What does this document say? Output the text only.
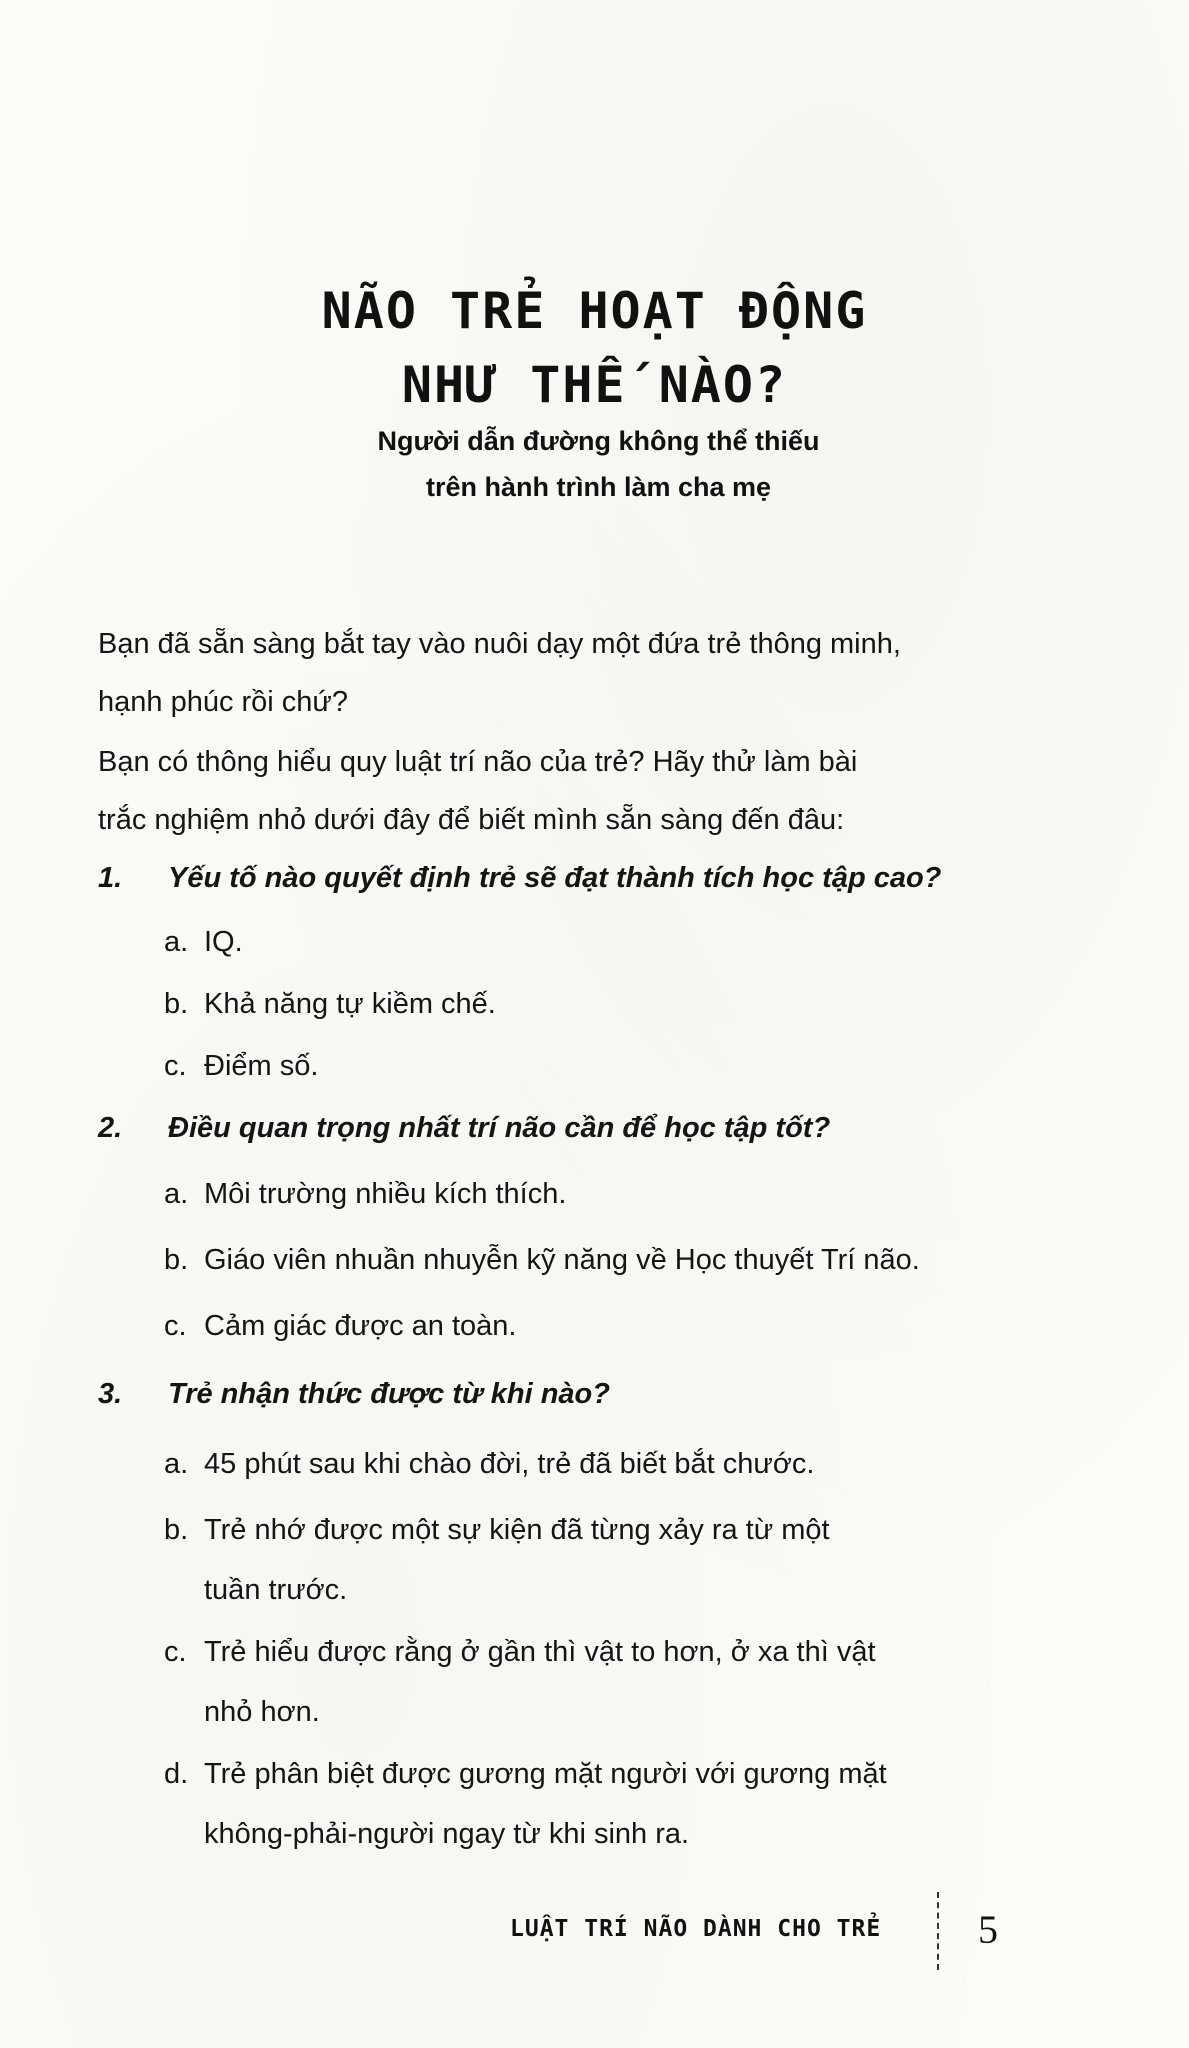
NÃO TRẺ HOẠT ĐỘNG
NHƯ THẾ NÀO?
Người dẫn đường không thể thiếu
trên hành trình làm cha mẹ
Bạn đã sẵn sàng bắt tay vào nuôi dạy một đứa trẻ thông minh,
hạnh phúc rồi chứ?
Bạn có thông hiểu quy luật trí não của trẻ? Hãy thử làm bài
trắc nghiệm nhỏ dưới đây để biết mình sẵn sàng đến đâu:
1. Yếu tố nào quyết định trẻ sẽ đạt thành tích học tập cao?
a. IQ.
b. Khả năng tự kiềm chế.
c. Điểm số.
2. Điều quan trọng nhất trí não cần để học tập tốt?
a. Môi trường nhiều kích thích.
b. Giáo viên nhuần nhuyễn kỹ năng về Học thuyết Trí não.
c. Cảm giác được an toàn.
3. Trẻ nhận thức được từ khi nào?
a. 45 phút sau khi chào đời, trẻ đã biết bắt chước.
b. Trẻ nhớ được một sự kiện đã từng xảy ra từ một
tuần trước.
c. Trẻ hiểu được rằng ở gần thì vật to hơn, ở xa thì vật
nhỏ hơn.
d. Trẻ phân biệt được gương mặt người với gương mặt
không-phải-người ngay từ khi sinh ra.
LUẬT TRÍ NÃO DÀNH CHO TRẺ 5
